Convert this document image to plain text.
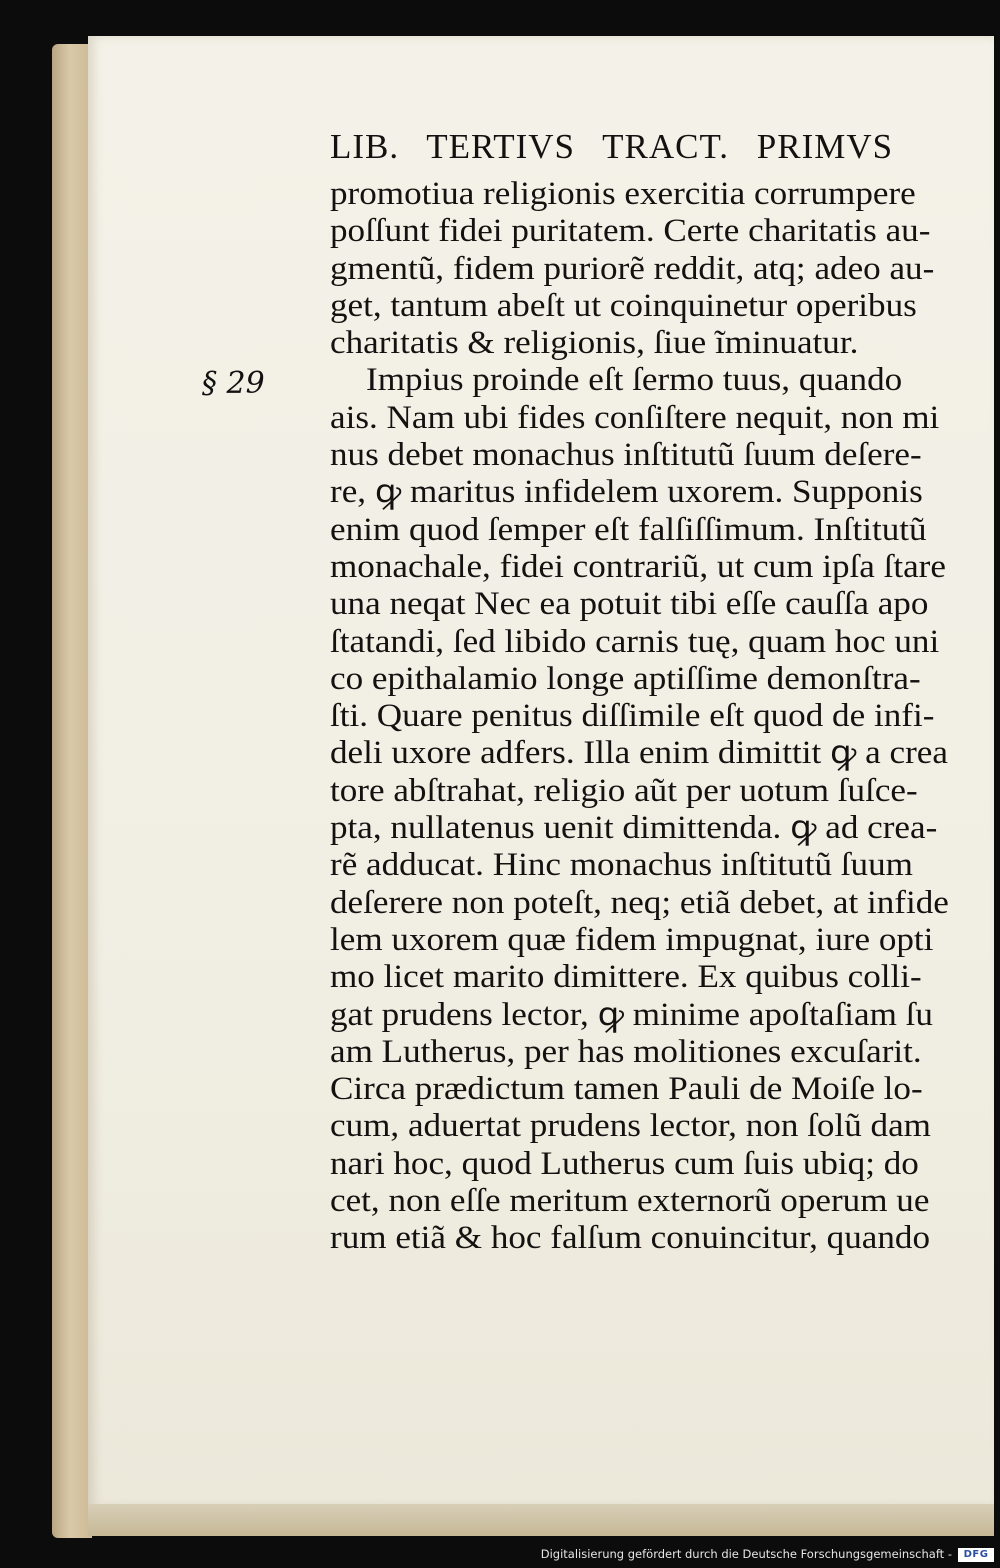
§ 29
LIB. TERTIVS TRACT. PRIMVS
promotiua religionis exercitia corrumpere
poſſunt fidei puritatem. Certe charitatis au-
gmentũ, fidem puriorẽ reddit, atq; adeo au-
get, tantum abeſt ut coinquinetur operibus
charitatis & religionis, ſiue ĩminuatur.
Impius proinde eſt ſermo tuus, quando
ais. Nam ubi fides conſiſtere nequit, non mi
nus debet monachus inſtitutũ ſuum deſere-
re, ꝙ maritus infidelem uxorem. Supponis
enim quod ſemper eſt falſiſſimum. Inſtitutũ
monachale, fidei contrariũ, ut cum ipſa ſtare
una neqat Nec ea potuit tibi eſſe cauſſa apo
ſtatandi, ſed libido carnis tuę, quam hoc uni
co epithalamio longe aptiſſime demonſtra-
ſti. Quare penitus diſſimile eſt quod de infi-
deli uxore adfers. Illa enim dimittit ꝙ a crea
tore abſtrahat, religio aũt per uotum ſuſce-
pta, nullatenus uenit dimittenda. ꝙ ad crea-
rẽ adducat. Hinc monachus inſtitutũ ſuum
deſerere non poteſt, neq; etiã debet, at infide
lem uxorem quæ fidem impugnat, iure opti
mo licet marito dimittere. Ex quibus colli-
gat prudens lector, ꝙ minime apoſtaſiam ſu
am Lutherus, per has molitiones excuſarit.
Circa prædictum tamen Pauli de Moiſe lo-
cum, aduertat prudens lector, non ſolũ dam
nari hoc, quod Lutherus cum ſuis ubiq; do
cet, non eſſe meritum externorũ operum ue
rum etiã & hoc falſum conuincitur, quando
Digitalisierung gefördert durch die Deutsche Forschungsgemeinschaft -	DFG
